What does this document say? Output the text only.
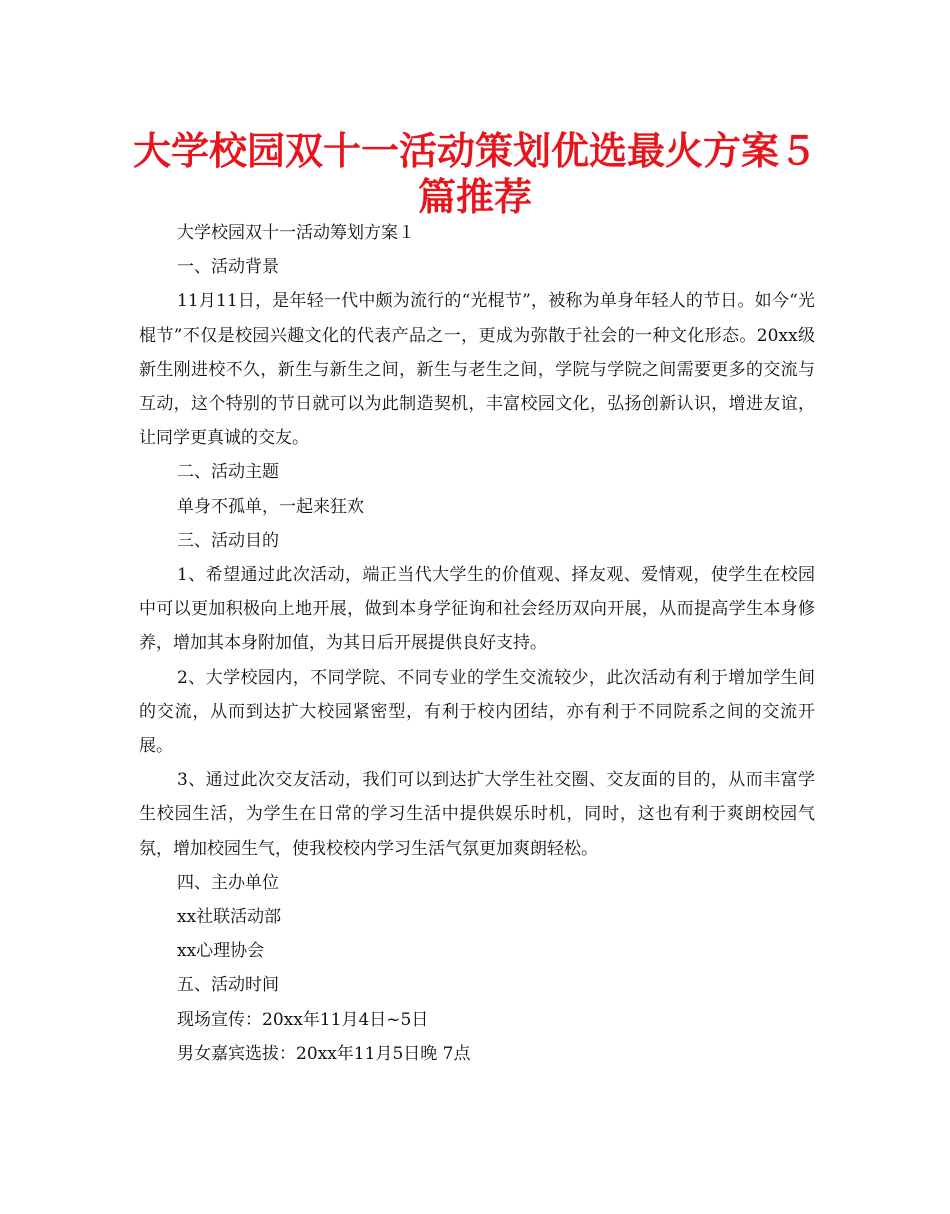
大学校园双十一活动策划优选最火方案５
篇推荐

大学校园双十一活动筹划方案１

一、活动背景

11月11日，是年轻一代中颇为流行的“光棍节”，被称为单身年轻人的节日。如今“光棍节”不仅是校园兴趣文化的代表产品之一，更成为弥散于社会的一种文化形态。20xx级新生刚进校不久，新生与新生之间，新生与老生之间，学院与学院之间需要更多的交流与互动，这个特别的节日就可以为此制造契机，丰富校园文化，弘扬创新认识，增进友谊，让同学更真诚的交友。

二、活动主题

单身不孤单，一起来狂欢

三、活动目的

1、希望通过此次活动，端正当代大学生的价值观、择友观、爱情观，使学生在校园中可以更加积极向上地开展，做到本身学征询和社会经历双向开展，从而提高学生本身修养，增加其本身附加值，为其日后开展提供良好支持。

2、大学校园内，不同学院、不同专业的学生交流较少，此次活动有利于增加学生间的交流，从而到达扩大校园紧密型，有利于校内团结，亦有利于不同院系之间的交流开展。

3、通过此次交友活动，我们可以到达扩大学生社交圈、交友面的目的，从而丰富学生校园生活，为学生在日常的学习生活中提供娱乐时机，同时，这也有利于爽朗校园气氛，增加校园生气，使我校校内学习生活气氛更加爽朗轻松。

四、主办单位

xx社联活动部

xx心理协会

五、活动时间

现场宣传：20xx年11月4日~5日

男女嘉宾选拔：20xx年11月5日晚 7点
